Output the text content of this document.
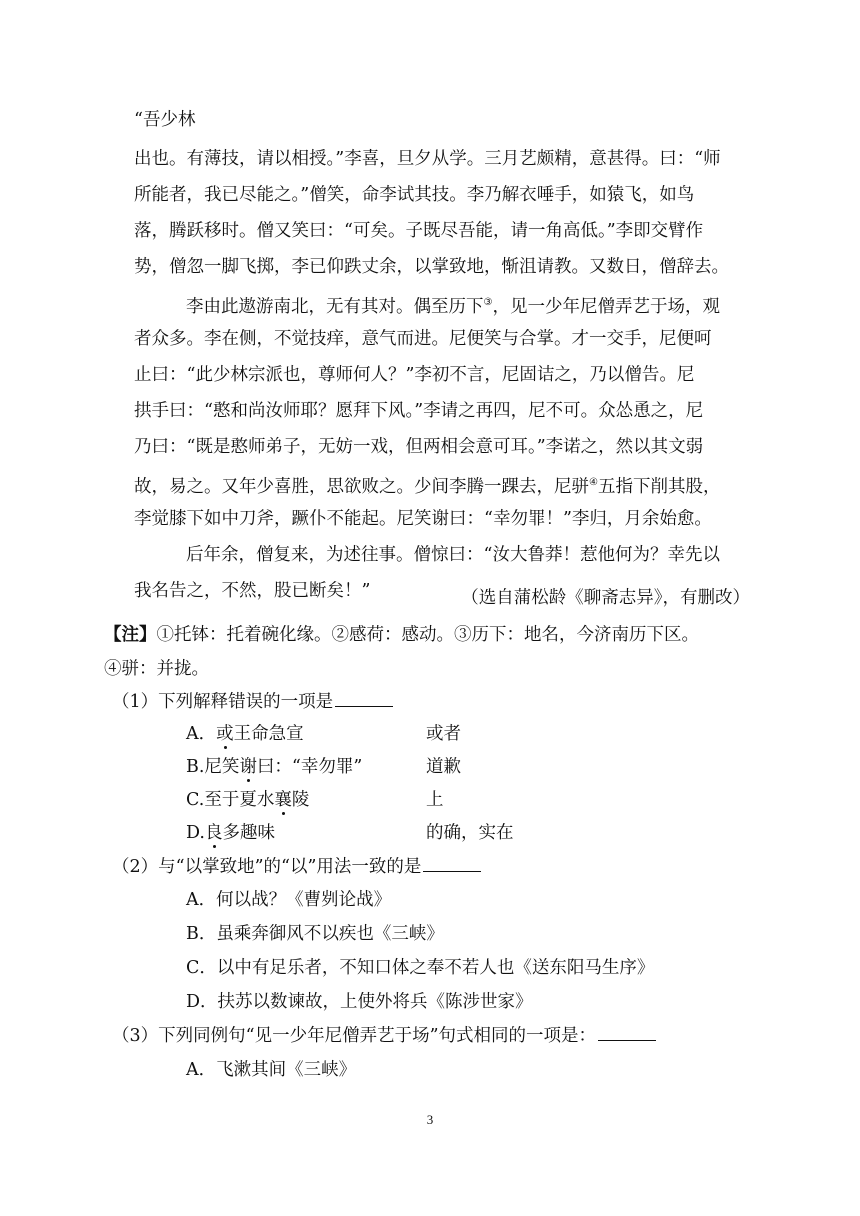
“吾少林
出也。有薄技，请以相授。”李喜，旦夕从学。三月艺颇精，意甚得。曰：“师
所能者，我已尽能之。”僧笑，命李试其技。李乃解衣唾手，如猿飞，如鸟
落，腾跃移时。僧又笑曰：“可矣。子既尽吾能，请一角高低。”李即交臂作
势，僧忽一脚飞掷，李已仰跌丈余，以掌致地，惭沮请教。又数日，僧辞去。
李由此遨游南北，无有其对。偶至历下③，见一少年尼僧弄艺于场，观
者众多。李在侧，不觉技痒，意气而进。尼便笑与合掌。才一交手，尼便呵
止曰：“此少林宗派也，尊师何人？”李初不言，尼固诘之，乃以僧告。尼
拱手曰：“憨和尚汝师耶？愿拜下风。”李请之再四，尼不可。众怂恿之，尼
乃曰：“既是憨师弟子，无妨一戏，但两相会意可耳。”李诺之，然以其文弱
故，易之。又年少喜胜，思欲败之。少间李腾一踝去，尼骈④五指下削其股，
李觉膝下如中刀斧，蹶仆不能起。尼笑谢曰：“幸勿罪！”李归，月余始愈。
后年余，僧复来，为述往事。僧惊曰：“汝大鲁莽！惹他何为？幸先以
我名告之，不然，股已断矣！”	（选自蒲松龄《聊斋志异》，有删改）
【注】①托钵：托着碗化缘。②感荷：感动。③历下：地名，今济南历下区。
④骈：并拢。
（1）下列解释错误的一项是
A．或王命急宣	或者
B.尼笑谢曰：“幸勿罪”	道歉
C.至于夏水襄陵	上
D.良多趣味	的确，实在
（2）与“以掌致地”的“以”用法一致的是
A．何以战？《曹刿论战》
B．虽乘奔御风不以疾也《三峡》
C．以中有足乐者，不知口体之奉不若人也《送东阳马生序》
D．扶苏以数谏故，上使外将兵《陈涉世家》
（3）下列同例句“见一少年尼僧弄艺于场”句式相同的一项是：
A．飞漱其间《三峡》
3
